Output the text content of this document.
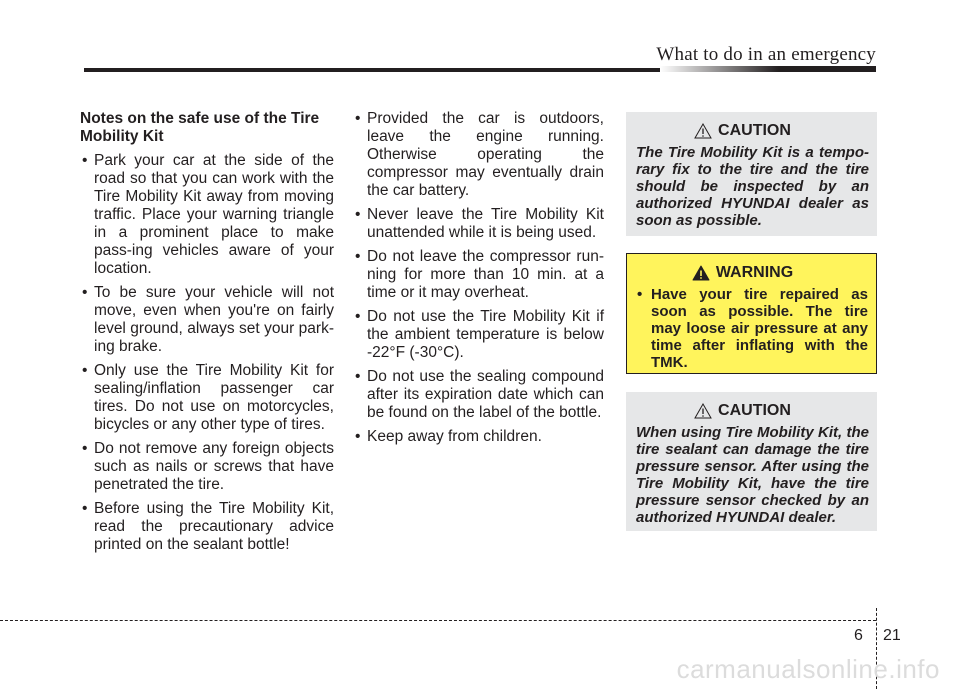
What to do in an emergency

Notes on the safe use of the Tire Mobility Kit

• Park your car at the side of the road so that you can work with the Tire Mobility Kit away from moving traffic. Place your warning triangle in a prominent place to make pass-ing vehicles aware of your location.
• To be sure your vehicle will not move, even when you're on fairly level ground, always set your park-ing brake.
• Only use the Tire Mobility Kit for sealing/inflation passenger car tires. Do not use on motorcycles, bicycles or any other type of tires.
• Do not remove any foreign objects such as nails or screws that have penetrated the tire.
• Before using the Tire Mobility Kit, read the precautionary advice printed on the sealant bottle!
• Provided the car is outdoors, leave the engine running. Otherwise operating the compressor may eventually drain the car battery.
• Never leave the Tire Mobility Kit unattended while it is being used.
• Do not leave the compressor run-ning for more than 10 min. at a time or it may overheat.
• Do not use the Tire Mobility Kit if the ambient temperature is below -22°F (-30°C).
• Do not use the sealing compound after its expiration date which can be found on the label of the bottle.
• Keep away from children.
CAUTION

The Tire Mobility Kit is a tempo-rary fix to the tire and the tire should be inspected by an authorized HYUNDAI dealer as soon as possible.

WARNING

• Have your tire repaired as soon as possible. The tire may loose air pressure at any time after inflating with the TMK.

CAUTION

When using Tire Mobility Kit, the tire sealant can damage the tire pressure sensor. After using the Tire Mobility Kit, have the tire pressure sensor checked by an authorized HYUNDAI dealer.

6 21
carmanualsonline.info
